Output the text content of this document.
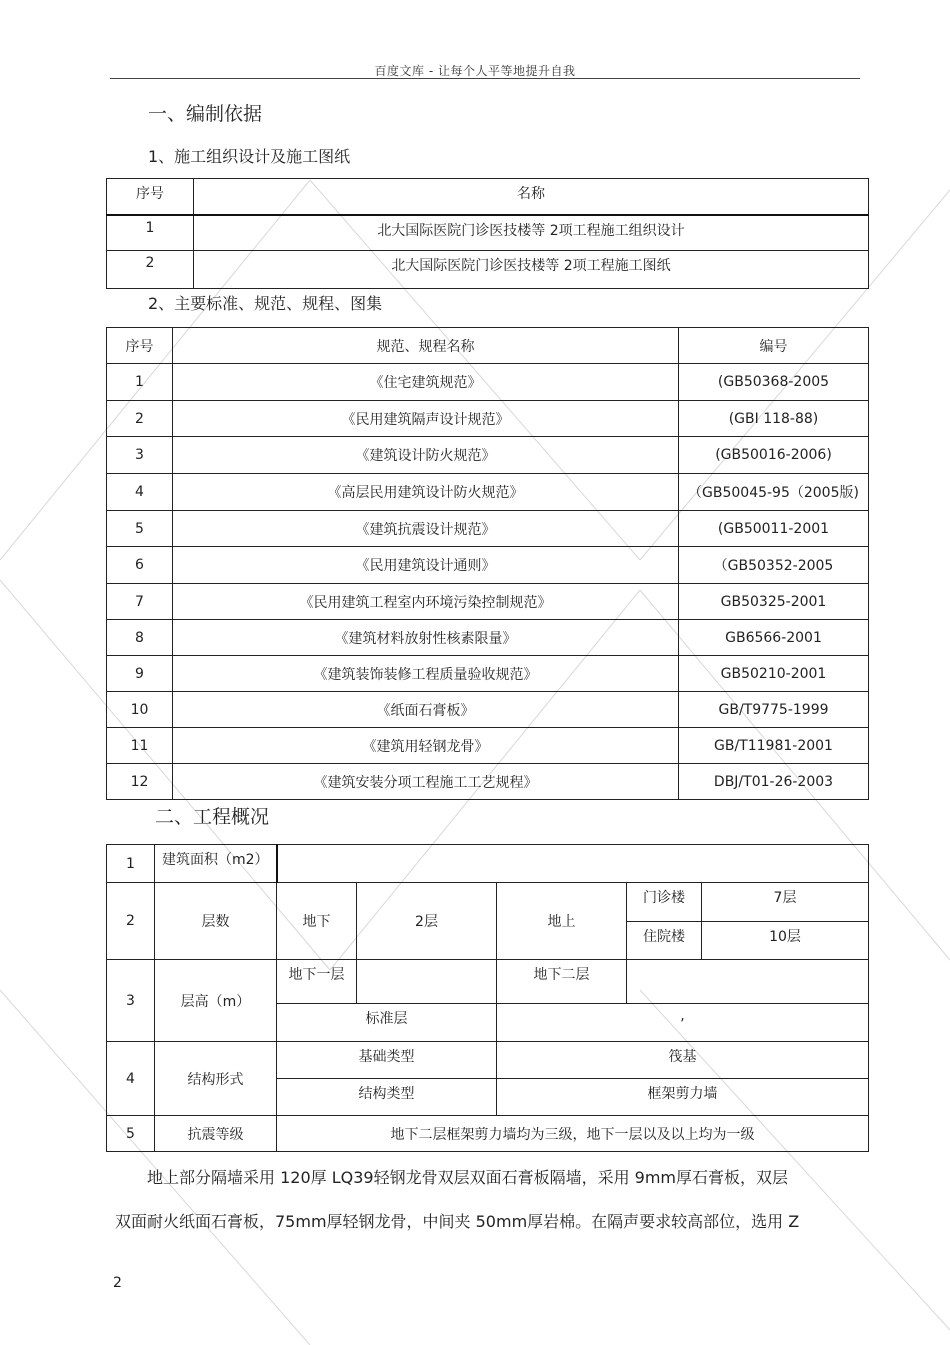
百度文库 - 让每个人平等地提升自我
一、编制依据
1、施工组织设计及施工图纸
序号	名称
1	北大国际医院门诊医技楼等 2项工程施工组织设计
2	北大国际医院门诊医技楼等 2项工程施工图纸
2、主要标准、规范、规程、图集
序号	规范、规程名称	编号
1	《住宅建筑规范》	(GB50368-2005
2	《民用建筑隔声设计规范》	(GBI 118-88)
3	《建筑设计防火规范》	(GB50016-2006)
4	《高层民用建筑设计防火规范》	（GB50045-95（2005版)
5	《建筑抗震设计规范》	(GB50011-2001
6	《民用建筑设计通则》	（GB50352-2005
7	《民用建筑工程室内环境污染控制规范》	GB50325-2001
8	《建筑材料放射性核素限量》	GB6566-2001
9	《建筑装饰装修工程质量验收规范》	GB50210-2001
10	《纸面石膏板》	GB/T9775-1999
11	《建筑用轻钢龙骨》	GB/T11981-2001
12	《建筑安装分项工程施工工艺规程》	DBJ/T01-26-2003
二、工程概况
1	建筑面积（m2）					
2	层数	地下	2层	地上	门诊楼	7层
					住院楼	10层
3	层高（m）	地下一层		地下二层		
		标准层		,		
4	结构形式	基础类型		筏基		
		结构类型		框架剪力墙		
5	抗震等级	地下二层框架剪力墙均为三级，地下一层以及以上均为一级				
地上部分隔墙采用 120厚 LQ39轻钢龙骨双层双面石膏板隔墙，采用 9mm厚石膏板，双层
双面耐火纸面石膏板，75mm厚轻钢龙骨，中间夹 50mm厚岩棉。在隔声要求较高部位，选用 Z
2
